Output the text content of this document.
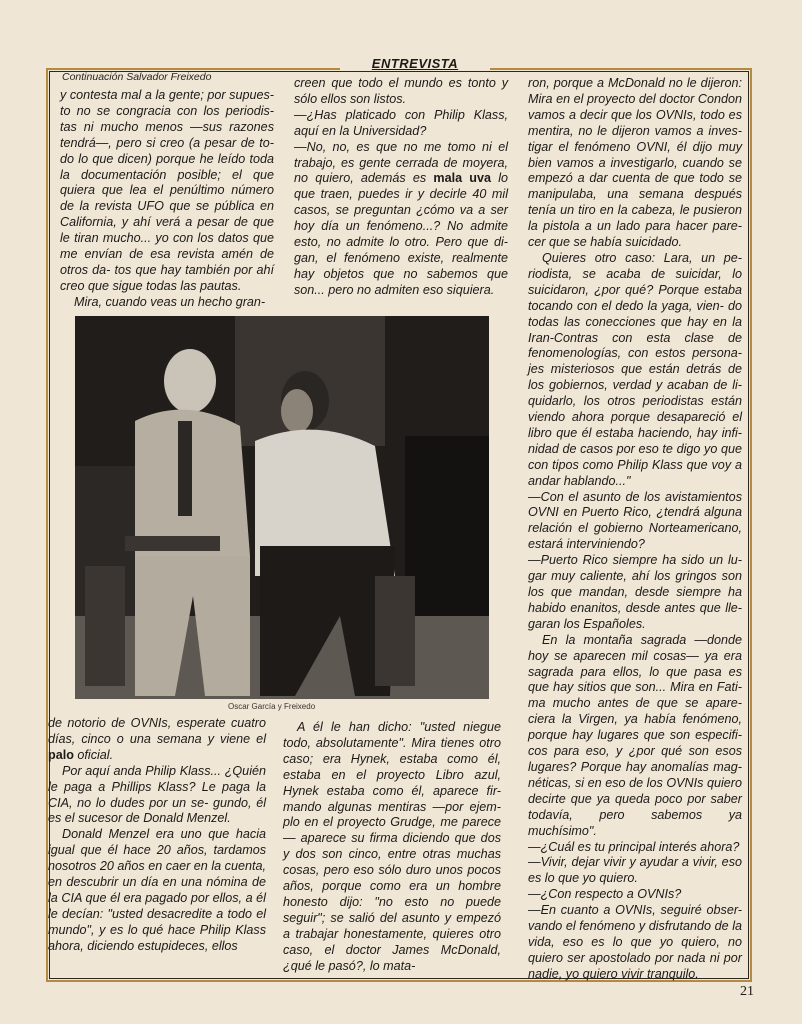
ENTREVISTA
Continuación Salvador Freixedo

y contesta mal a la gente; por supues- to no se congracia con los periodis- tas ni mucho menos —sus razones tendrá—, pero si creo (a pesar de to- do lo que dicen) porque he leído toda la documentación posible; el que quiera que lea el penúltimo número de la revista UFO que se pública en California, y ahí verá a pesar de que le tiran mucho... yo con los datos que me envían de esa revista amén de otros da- tos que hay también por ahí creo que sigue todas las pautas.

Mira, cuando veas un hecho gran-

creen que todo el mundo es tonto y sólo ellos son listos.

—¿Has platicado con Philip Klass, aquí en la Universidad?

—No, no, es que no me tomo ni el trabajo, es gente cerrada de moyera, no quiero, además es mala uva lo que traen, puedes ir y decirle 40 mil casos, se preguntan ¿cómo va a ser hoy día un fenómeno...? No admite esto, no admite lo otro. Pero que di- gan, el fenómeno existe, realmente hay objetos que no sabemos que son... pero no admiten eso siquiera.

Oscar García y Freixedo

ron, porque a McDonald no le dijeron: Mira en el proyecto del doctor Condon vamos a decir que los OVNIs, todo es mentira, no le dijeron vamos a inves- tigar el fenómeno OVNI, él dijo muy bien vamos a investigarlo, cuando se empezó a dar cuenta de que todo se manipulaba, una semana después tenía un tiro en la cabeza, le pusieron la pistola a un lado para hacer pare- cer que se había suicidado.

Quieres otro caso: Lara, un pe- riodista, se acaba de suicidar, lo suicidaron, ¿por qué? Porque estaba tocando con el dedo la yaga, vien- do todas las conecciones que hay en la Iran-Contras con esta clase de fenomenologías, con estos persona- jes misteriosos que están detrás de los gobiernos, verdad y acaban de li- quidarlo, los otros periodistas están viendo ahora porque desapareció el libro que él estaba haciendo, hay infi- nidad de casos por eso te digo yo que con tipos como Philip Klass que voy a andar hablando..."

—Con el asunto de los avistamientos OVNI en Puerto Rico, ¿tendrá alguna relación el gobierno Norteamericano, estará interviniendo?

—Puerto Rico siempre ha sido un lu- gar muy caliente, ahí los gringos son los que mandan, desde siempre ha habido enanitos, desde antes que lle- garan los Españoles.

En la montaña sagrada —donde hoy se aparecen mil cosas— ya era sagrada para ellos, lo que pasa es que hay sitios que son... Mira en Fati- ma mucho antes de que se apare- ciera la Virgen, ya había fenómeno, porque hay lugares que son especifi- cos para eso, y ¿por qué son esos lugares? Porque hay anomalías mag- néticas, si en eso de los OVNIs quiero decirte que ya queda poco por saber todavía, pero sabemos ya muchísimo".

—¿Cuál es tu principal interés ahora?

—Vivir, dejar vivir y ayudar a vivir, eso es lo que yo quiero.

—¿Con respecto a OVNIs?

—En cuanto a OVNIs, seguiré obser- vando el fenómeno y disfrutando de la vida, eso es lo que yo quiero, no quiero ser apostolado por nada ni por nadie, yo quiero vivir tranquilo.

de notorio de OVNIs, esperate cuatro días, cinco o una semana y viene el palo oficial.

Por aquí anda Philip Klass... ¿Quién le paga a Phillips Klass? Le paga la CIA, no lo dudes por un se- gundo, él es el sucesor de Donald Menzel.

Donald Menzel era uno que hacia igual que él hace 20 años, tardamos nosotros 20 años en caer en la cuenta, en descubrir un día en una nómina de la CIA que él era pagado por ellos, a él le decían: "usted desacredite a todo el mundo", y es lo qué hace Philip Klass ahora, diciendo estupideces, ellos

A él le han dicho: "usted niegue todo, absolutamente". Mira tienes otro caso; era Hynek, estaba como él, estaba en el proyecto Libro azul, Hynek estaba como él, aparece fir- mando algunas mentiras —por ejem- plo en el proyecto Grudge, me parece— aparece su firma diciendo que dos y dos son cinco, entre otras muchas cosas, pero eso sólo duro unos pocos años, porque como era un hombre honesto dijo: "no esto no puede seguir"; se salió del asunto y empezó a trabajar honestamente, quieres otro caso, el doctor James McDonald, ¿qué le pasó?, lo mata-

21
